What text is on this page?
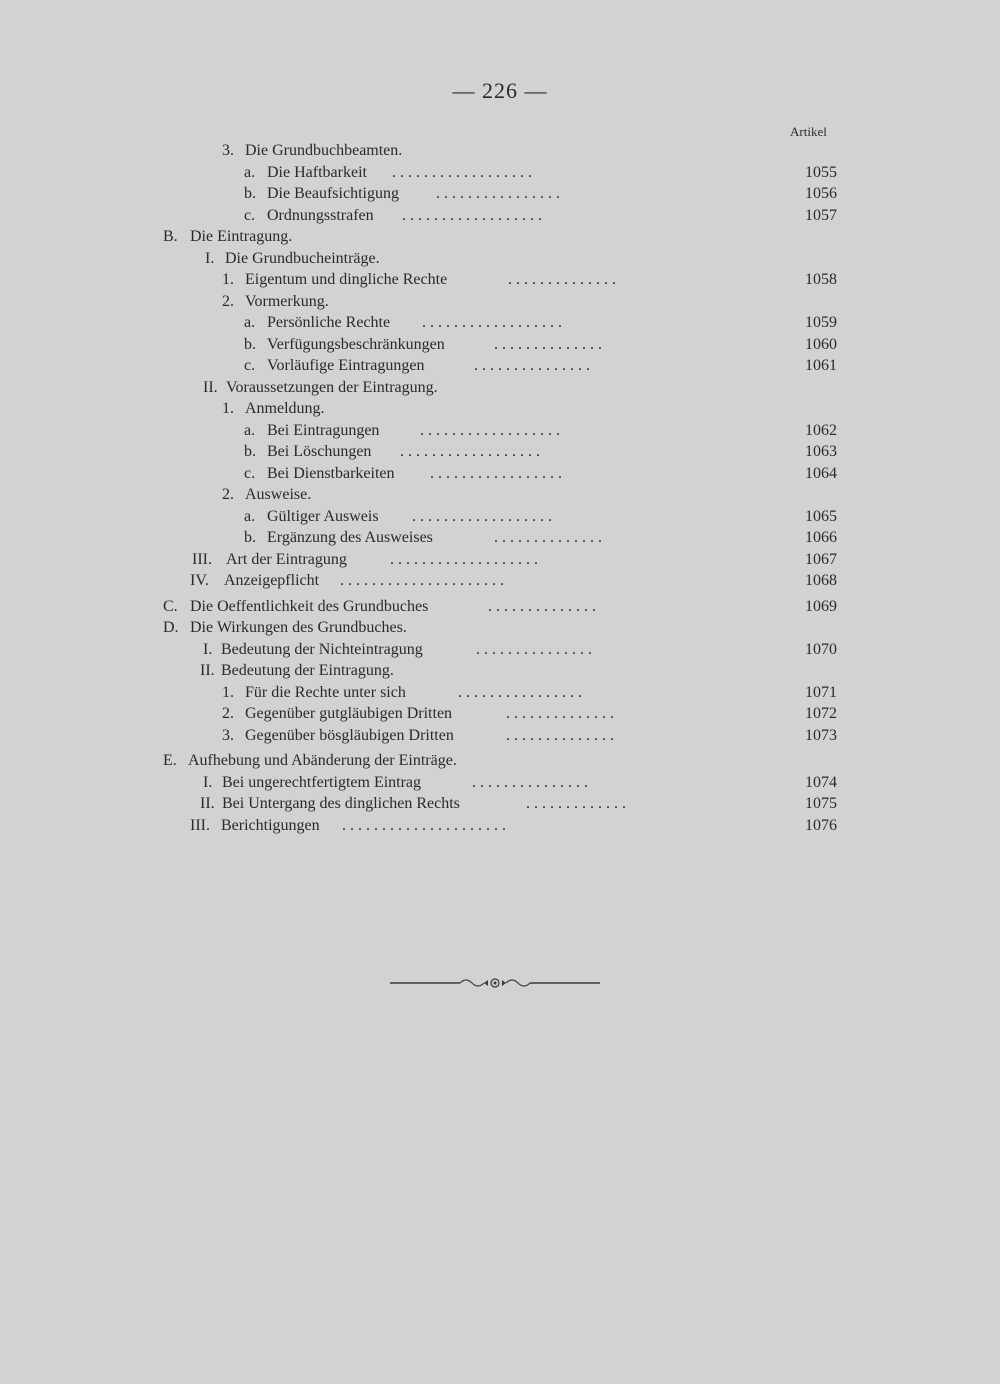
— 226 —
Artikel
3. Die Grundbuchbeamten.
a. Die Haftbarkeit . . . . . . . . . . . . . . . . . .	1055
b. Die Beaufsichtigung . . . . . . . . . . . . . . . .	1056
c. Ordnungsstrafen . . . . . . . . . . . . . . . . . .	1057
B. Die Eintragung.
I. Die Grundbucheinträge.
1. Eigentum und dingliche Rechte	. . . . . . . . . . . . . .	1058
2. Vormerkung.
a. Persönliche Rechte . . . . . . . . . . . . . . . . . .	1059
b. Verfügungsbeschränkungen	. . . . . . . . . . . . . .	1060
c. Vorläufige Eintragungen	. . . . . . . . . . . . . . .	1061
II. Voraussetzungen der Eintragung.
1. Anmeldung.
a. Bei Eintragungen	. . . . . . . . . . . . . . . . . .	1062
b. Bei Löschungen . . . . . . . . . . . . . . . . . .	1063
c. Bei Dienstbarkeiten . . . . . . . . . . . . . . . . .	1064
2. Ausweise.
a. Gültiger Ausweis . . . . . . . . . . . . . . . . . .	1065
b. Ergänzung des Ausweises	. . . . . . . . . . . . . .	1066
III. Art der Eintragung	. . . . . . . . . . . . . . . . . . .	1067
IV. Anzeigepflicht . . . . . . . . . . . . . . . . . . . . .	1068
C. Die Oeffentlichkeit des Grundbuches	. . . . . . . . . . . . . .	1069
D. Die Wirkungen des Grundbuches.
I. Bedeutung der Nichteintragung	. . . . . . . . . . . . . . .	1070
II. Bedeutung der Eintragung.
1. Für die Rechte unter sich	. . . . . . . . . . . . . . . .	1071
2. Gegenüber gutgläubigen Dritten	. . . . . . . . . . . . . .	1072
3. Gegenüber bösgläubigen Dritten	. . . . . . . . . . . . . .	1073
E. Aufhebung und Abänderung der Einträge.
I. Bei ungerechtfertigtem Eintrag	. . . . . . . . . . . . . . .	1074
II. Bei Untergang des dinglichen Rechts	. . . . . . . . . . . . .	1075
III. Berichtigungen . . . . . . . . . . . . . . . . . . . . .	1076
